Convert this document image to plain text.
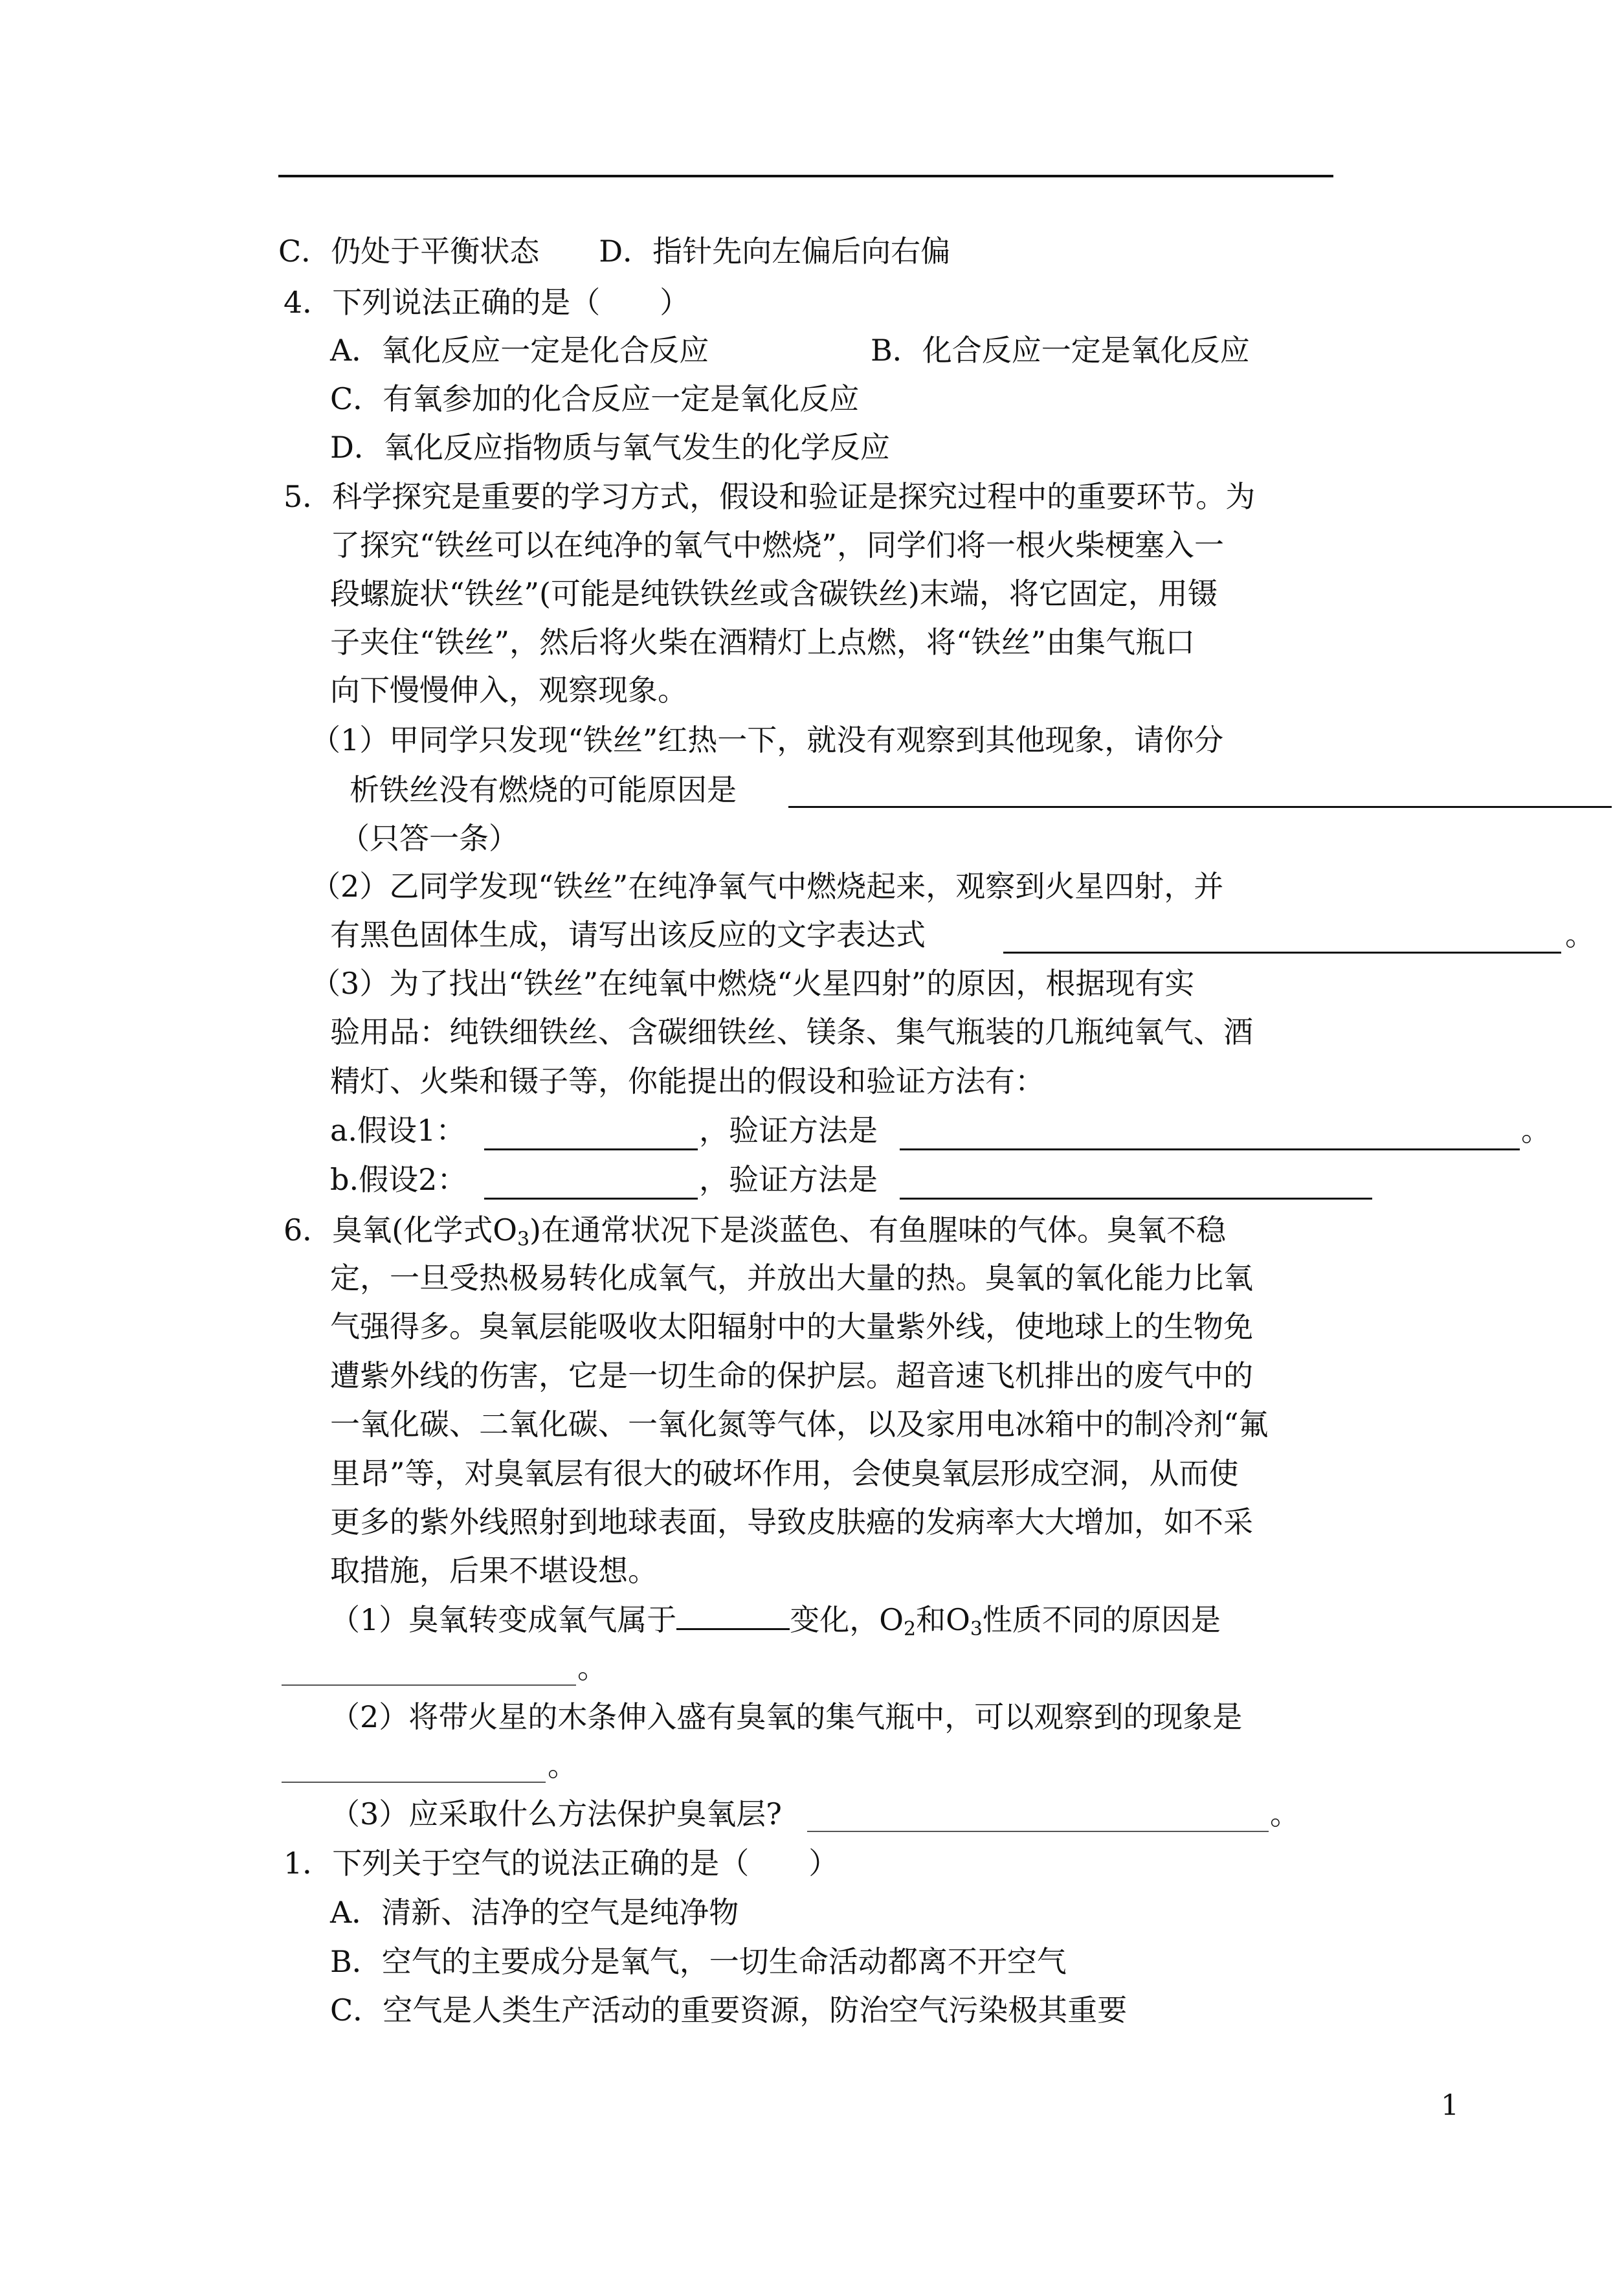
C．仍处于平衡状态　　D．指针先向左偏后向右偏
4．下列说法正确的是（　　）
A．氧化反应一定是化合反应	B．化合反应一定是氧化反应
C．有氧参加的化合反应一定是氧化反应
D．氧化反应指物质与氧气发生的化学反应
5．科学探究是重要的学习方式，假设和验证是探究过程中的重要环节。为
了探究“铁丝可以在纯净的氧气中燃烧”，同学们将一根火柴梗塞入一
段螺旋状“铁丝”(可能是纯铁铁丝或含碳铁丝)末端，将它固定，用镊
子夹住“铁丝”，然后将火柴在酒精灯上点燃，将“铁丝”由集气瓶口
向下慢慢伸入，观察现象。
（1）甲同学只发现“铁丝”红热一下，就没有观察到其他现象，请你分
析铁丝没有燃烧的可能原因是
（只答一条）
（2）乙同学发现“铁丝”在纯净氧气中燃烧起来，观察到火星四射，并
有黑色固体生成，请写出该反应的文字表达式	。
（3）为了找出“铁丝”在纯氧中燃烧“火星四射”的原因，根据现有实
验用品：纯铁细铁丝、含碳细铁丝、镁条、集气瓶装的几瓶纯氧气、酒
精灯、火柴和镊子等，你能提出的假设和验证方法有：
a.假设1：	，验证方法是	。
b.假设2：	，验证方法是
6．臭氧(化学式$O_3$)在通常状况下是淡蓝色、有鱼腥味的气体。臭氧不稳
定，一旦受热极易转化成氧气，并放出大量的热。臭氧的氧化能力比氧
气强得多。臭氧层能吸收太阳辐射中的大量紫外线，使地球上的生物免
遭紫外线的伤害，它是一切生命的保护层。超音速飞机排出的废气中的
一氧化碳、二氧化碳、一氧化氮等气体，以及家用电冰箱中的制冷剂“氟
里昂”等，对臭氧层有很大的破坏作用，会使臭氧层形成空洞，从而使
更多的紫外线照射到地球表面，导致皮肤癌的发病率大大增加，如不采
取措施，后果不堪设想。
（1）臭氧转变成氧气属于	变化，$O_2$和$O_3$性质不同的原因是
。
（2）将带火星的木条伸入盛有臭氧的集气瓶中，可以观察到的现象是
。
（3）应采取什么方法保护臭氧层?	。
1．下列关于空气的说法正确的是（　　）
A．清新、洁净的空气是纯净物
B．空气的主要成分是氧气，一切生命活动都离不开空气
C．空气是人类生产活动的重要资源，防治空气污染极其重要
1
